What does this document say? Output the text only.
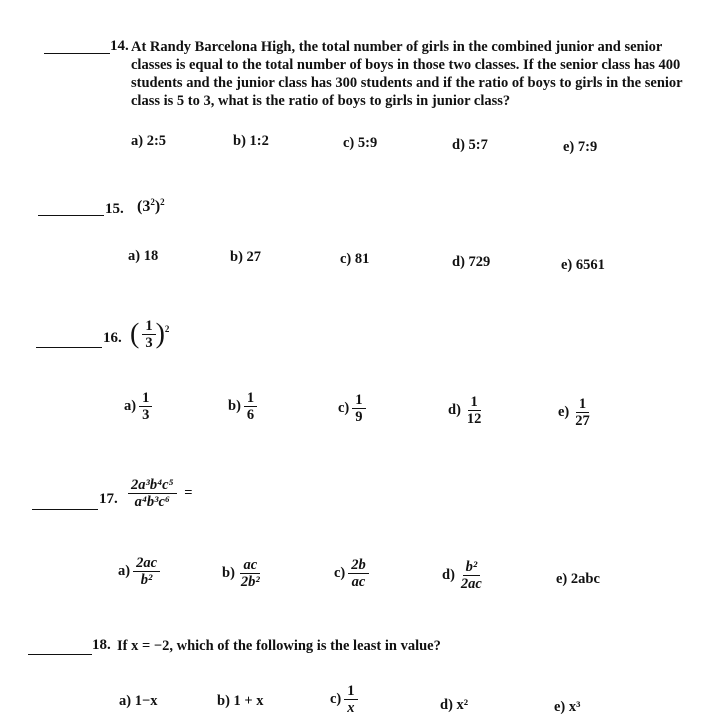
14. At Randy Barcelona High, the total number of girls in the combined junior and senior
classes is equal to the total number of boys in those two classes. If the senior class has 400
students and the junior class has 300 students and if the ratio of boys to girls in the senior
class is 5 to 3, what is the ratio of boys to girls in junior class?
a) 2:5	b) 1:2	c) 5:9	d) 5:7	e) 7:9
15. $(3^2)^2$
a) 18	b) 27	c) 81	d) 729	e) 6561
16. ( $\frac{1}{3} )^2$
$a) \frac{1}{3}$	$b) \frac{1}{6}$	$c) \frac{1}{9}$	$d) \frac{1}{12}$	$e) \frac{1}{27}$
17. $\frac{\text{2a³b⁴c⁵}}{\text{a⁴b³c⁶}}$ =
$a) \frac{2ac}{\text{b²}}$	$b) \frac{ac}{\text{2b²}}$	$c) \frac{2b}{ac}$	$d) \frac{\text{b²}}{2ac}$	e) 2abc
18. If x = −2, which of the following is the least in value?
a) 1−x	b) 1 + x	$c) \frac{1}{x}$	d) x²	e) x³
